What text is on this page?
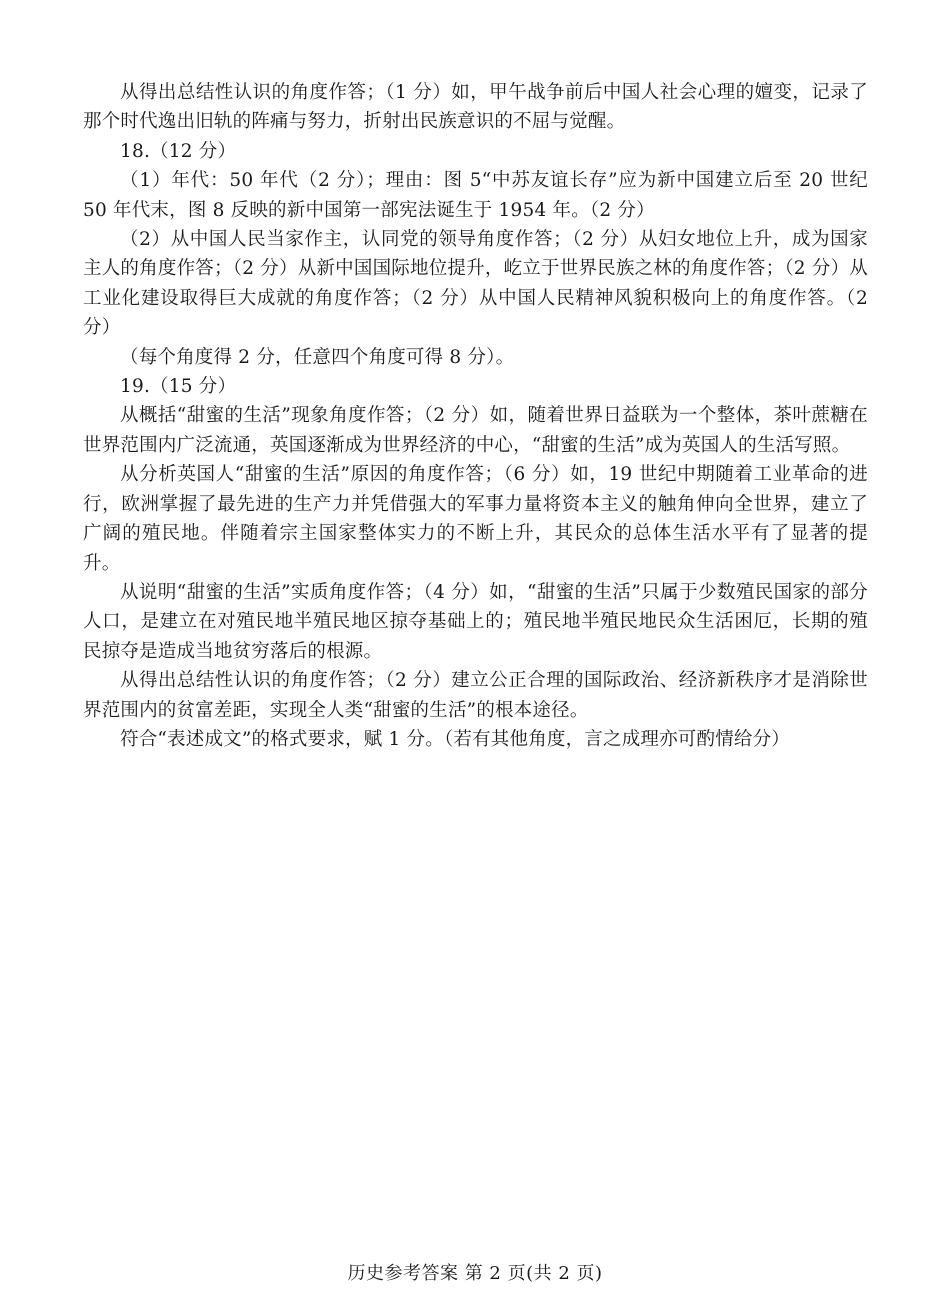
从得出总结性认识的角度作答；（1 分）如，甲午战争前后中国人社会心理的嬗变，记录了那个时代逸出旧轨的阵痛与努力，折射出民族意识的不屈与觉醒。

18.（12 分）

（1）年代：50 年代（2 分）；理由：图 5“中苏友谊长存”应为新中国建立后至 20 世纪 50 年代末，图 8 反映的新中国第一部宪法诞生于 1954 年。（2 分）

（2）从中国人民当家作主，认同党的领导角度作答；（2 分）从妇女地位上升，成为国家主人的角度作答；（2 分）从新中国国际地位提升，屹立于世界民族之林的角度作答；（2 分）从工业化建设取得巨大成就的角度作答；（2 分）从中国人民精神风貌积极向上的角度作答。（2 分）

（每个角度得 2 分，任意四个角度可得 8 分）。

19.（15 分）

从概括“甜蜜的生活”现象角度作答；（2 分）如，随着世界日益联为一个整体，茶叶蔗糖在世界范围内广泛流通，英国逐渐成为世界经济的中心，“甜蜜的生活”成为英国人的生活写照。

从分析英国人“甜蜜的生活”原因的角度作答；（6 分）如，19 世纪中期随着工业革命的进行，欧洲掌握了最先进的生产力并凭借强大的军事力量将资本主义的触角伸向全世界，建立了广阔的殖民地。伴随着宗主国家整体实力的不断上升，其民众的总体生活水平有了显著的提升。

从说明“甜蜜的生活”实质角度作答；（4 分）如，“甜蜜的生活”只属于少数殖民国家的部分人口，是建立在对殖民地半殖民地区掠夺基础上的；殖民地半殖民地民众生活困厄，长期的殖民掠夺是造成当地贫穷落后的根源。

从得出总结性认识的角度作答；（2 分）建立公正合理的国际政治、经济新秩序才是消除世界范围内的贫富差距，实现全人类“甜蜜的生活”的根本途径。

符合“表述成文”的格式要求，赋 1 分。（若有其他角度，言之成理亦可酌情给分）

历史参考答案 第 2 页(共 2 页)
